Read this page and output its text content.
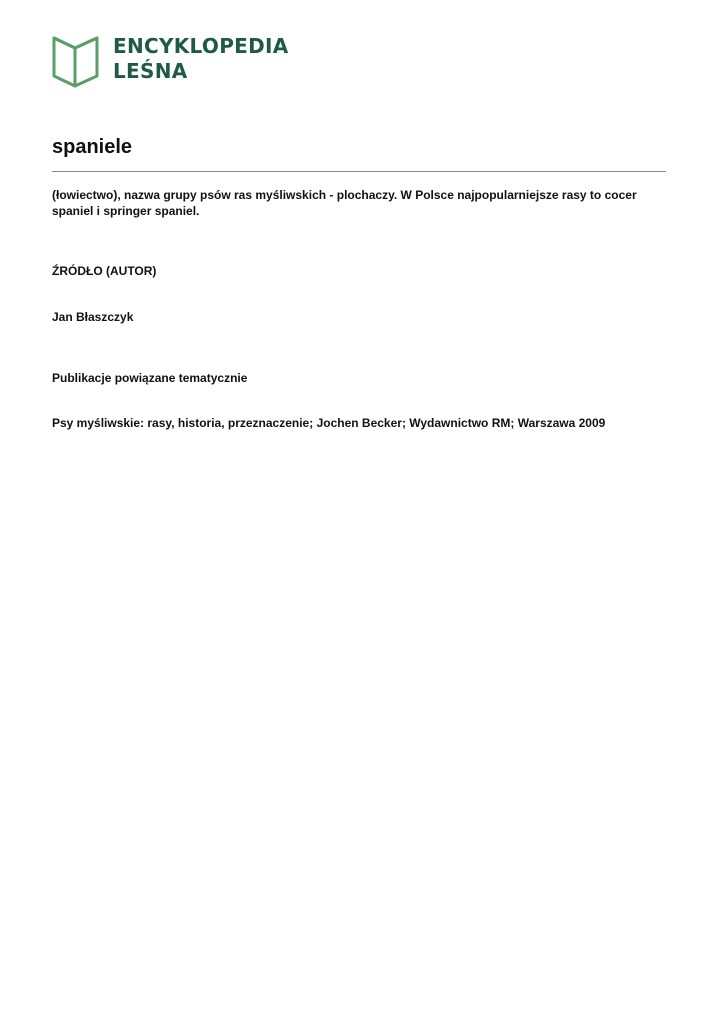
ENCYKLOPEDIA
LEŚNA
spaniele

(łowiectwo), nazwa grupy psów ras myśliwskich - plochaczy. W Polsce najpopularniejsze rasy to cocer spaniel i springer spaniel.

ŹRÓDŁO (AUTOR)

Jan Błaszczyk

Publikacje powiązane tematycznie

Psy myśliwskie: rasy, historia, przeznaczenie; Jochen Becker; Wydawnictwo RM; Warszawa 2009
